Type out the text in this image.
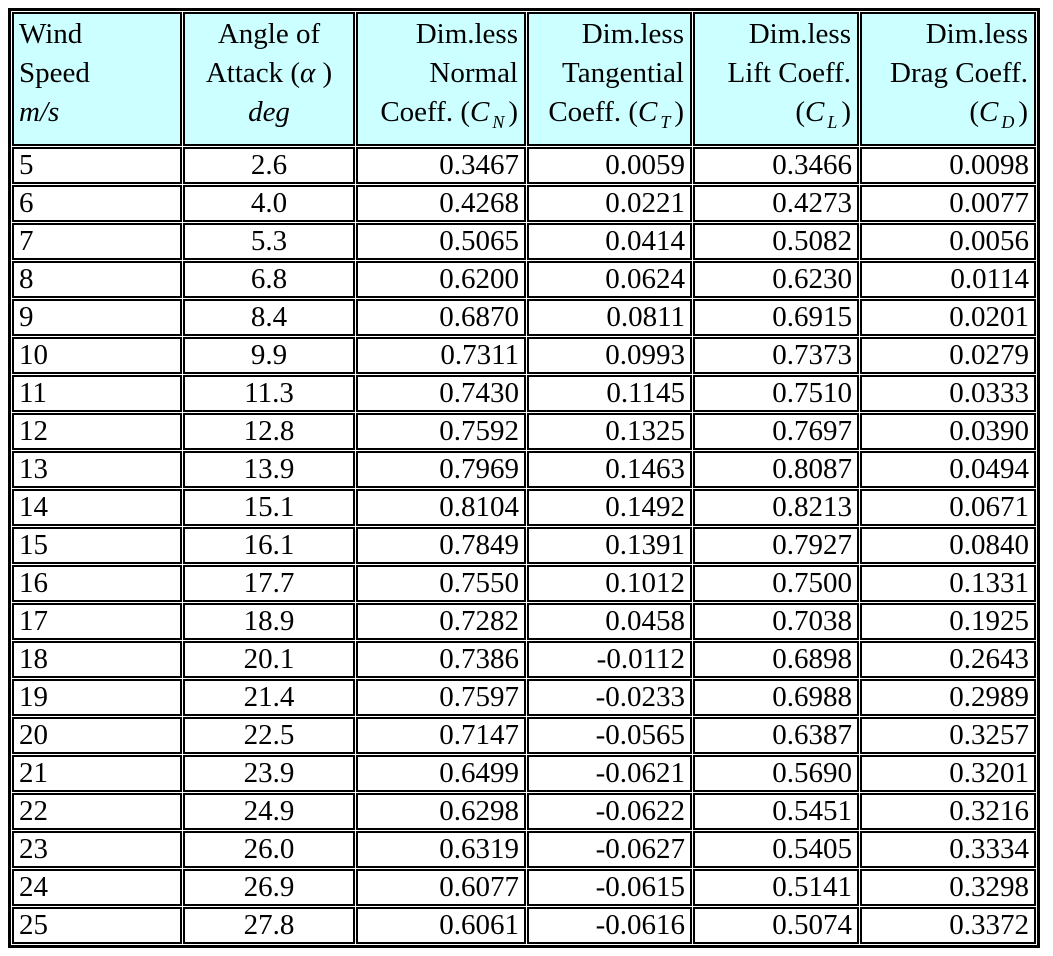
Wind
Speed
m/s

Angle of
Attack (α )
deg

Dim.less
Normal
Coeff. (C $_N$ )

Dim.less
Tangential
Coeff. (C $_T$ )

Dim.less
Lift Coeff.
(C $_L$ )

Dim.less
Drag Coeff.
(C $_D$ )

5	2.6	0.3467	0.0059	0.3466	0.0098
6	4.0	0.4268	0.0221	0.4273	0.0077
7	5.3	0.5065	0.0414	0.5082	0.0056
8	6.8	0.6200	0.0624	0.6230	0.0114
9	8.4	0.6870	0.0811	0.6915	0.0201
10	9.9	0.7311	0.0993	0.7373	0.0279
11	11.3	0.7430	0.1145	0.7510	0.0333
12	12.8	0.7592	0.1325	0.7697	0.0390
13	13.9	0.7969	0.1463	0.8087	0.0494
14	15.1	0.8104	0.1492	0.8213	0.0671
15	16.1	0.7849	0.1391	0.7927	0.0840
16	17.7	0.7550	0.1012	0.7500	0.1331
17	18.9	0.7282	0.0458	0.7038	0.1925
18	20.1	0.7386	-0.0112	0.6898	0.2643
19	21.4	0.7597	-0.0233	0.6988	0.2989
20	22.5	0.7147	-0.0565	0.6387	0.3257
21	23.9	0.6499	-0.0621	0.5690	0.3201
22	24.9	0.6298	-0.0622	0.5451	0.3216
23	26.0	0.6319	-0.0627	0.5405	0.3334
24	26.9	0.6077	-0.0615	0.5141	0.3298
25	27.8	0.6061	-0.0616	0.5074	0.3372
